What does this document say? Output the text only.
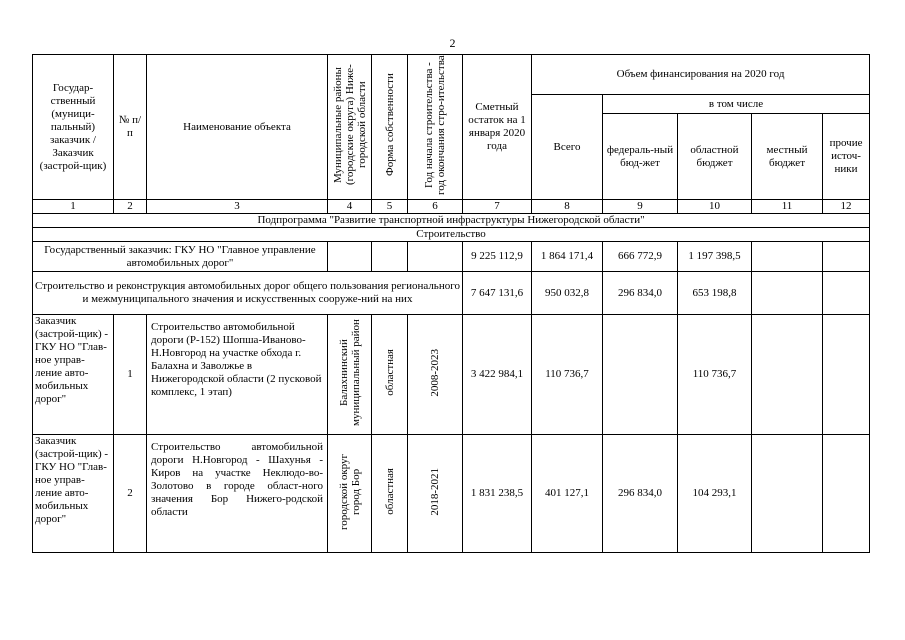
2
Государ-ственный (муници-пальный) заказчик / Заказчик (застрой-щик)	№ п/п	Наименование объекта	Муниципальные районы (городские округа) Ниже-городской области	Форма собственности	Год начала строительства - год окончания стро-ительства	Сметный остаток на 1 января 2020 года	Объем финансирования на 2020 год				
							Всего	в том числе			
								федераль-ный бюд-жет	областной бюджет	местный бюджет	прочие источ-ники
1	2	3	4	5	6	7	8	9	10	11	12
Подпрограмма "Развитие транспортной инфраструктуры Нижегородской области"											
Строительство											
Государственный заказчик: ГКУ НО "Главное управление автомобильных дорог"						9 225 112,9	1 864 171,4	666 772,9	1 197 398,5		
Строительство и реконструкция автомобильных дорог общего пользования регионального и межмуниципального значения и искусственных сооруже-ний на них						7 647 131,6	950 032,8	296 834,0	653 198,8		
Заказчик (застрой-щик) - ГКУ НО "Глав-ное управ-ление авто-мобильных дорог"	1	Строительство автомобильной дороги (Р-152) Шопша-Иваново-Н.Новгород на участке обхода г. Балахна и Заволжье в Нижегородской области (2 пусковой комплекс, 1 этап)	Балахнинский муниципальный район	областная	2008-2023	3 422 984,1	110 736,7		110 736,7		
Заказчик (застрой-щик) - ГКУ НО "Глав-ное управ-ление авто-мобильных дорог"	2	Строительство автомобильной дороги Н.Новгород - Шахунья - Киров на участке Неклюдо-во-Золотово в городе област-ного значения Бор Нижего-родской области	городской округ город Бор	областная	2018-2021	1 831 238,5	401 127,1	296 834,0	104 293,1		
